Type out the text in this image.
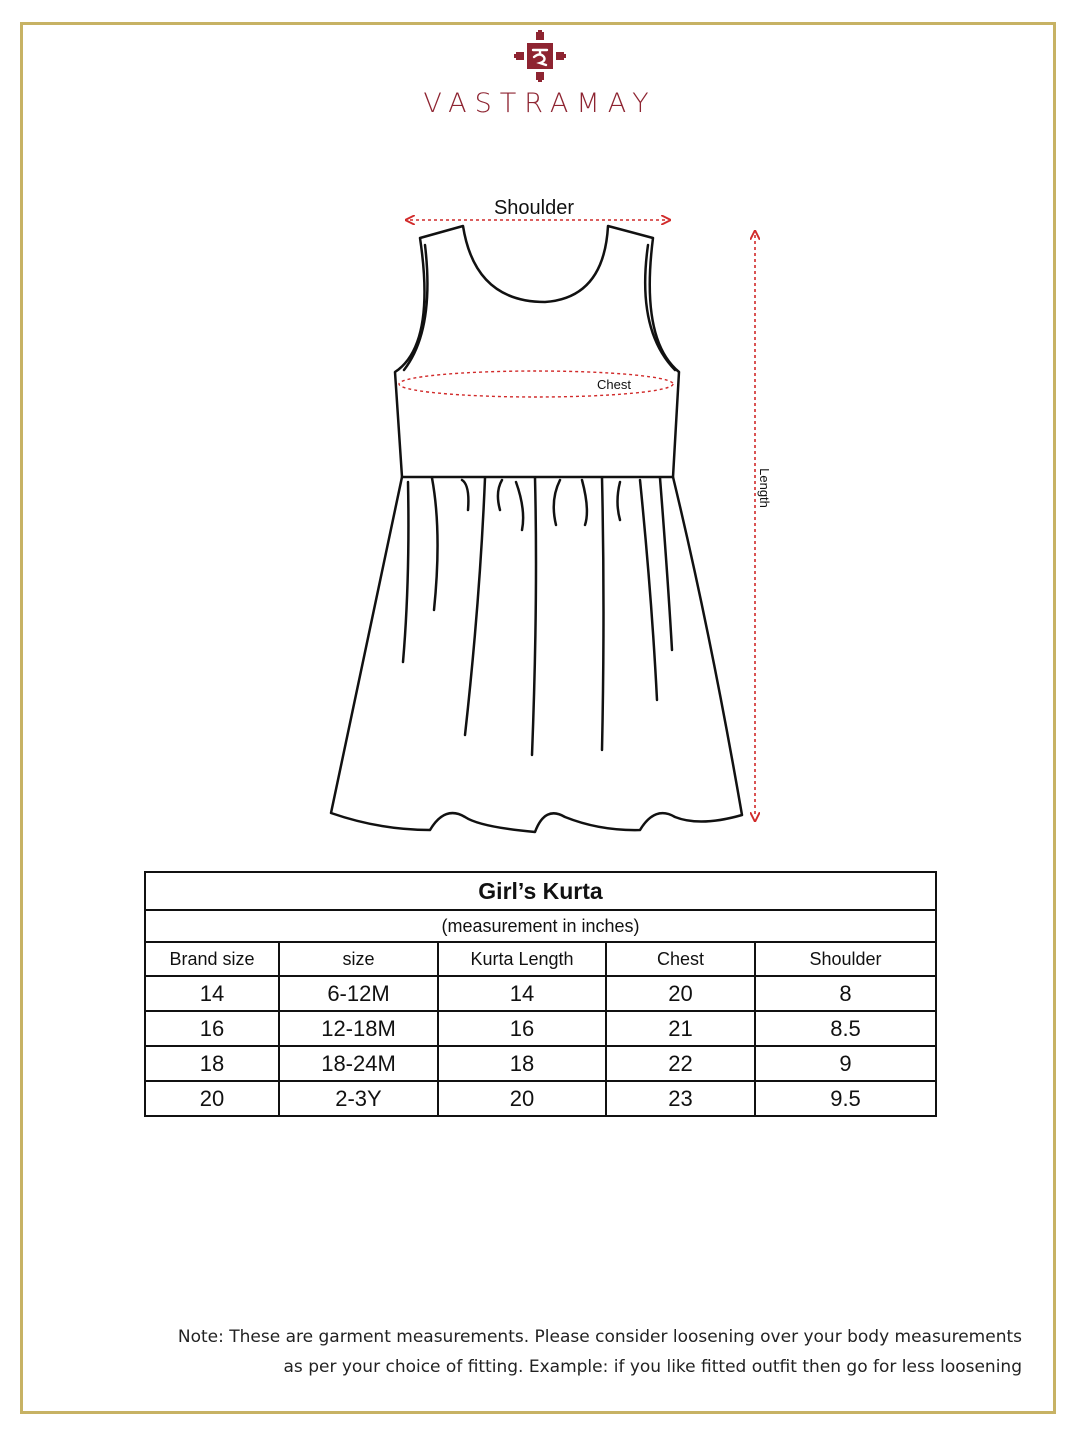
VASTRAMAY
Shoulder
Chest
Length
Girl’s Kurta				
(measurement in inches)				
Brand size	size	Kurta Length	Chest	Shoulder
14	6-12M	14	20	8
16	12-18M	16	21	8.5
18	18-24M	18	22	9
20	2-3Y	20	23	9.5
Note: These are garment measurements. Please consider loosening over your body measurements
as per your choice of fitting. Example: if you like fitted outfit then go for less loosening
